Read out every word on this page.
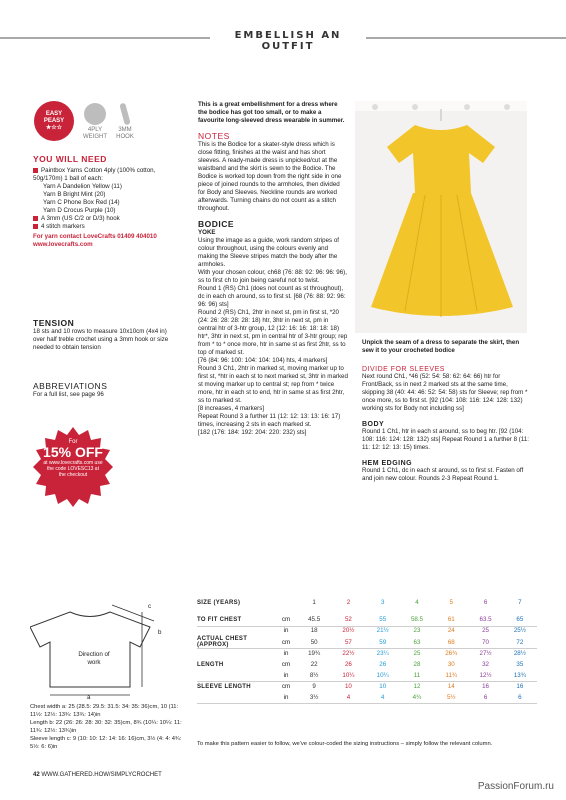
EMBELLISH AN OUTFIT
EASY
PEASY
★☆☆	4PLY WEIGHT
3MM HOOK
YOU WILL NEED
Paintbox Yarns Cotton 4ply (100% cotton, 50g/170m) 1 ball of each:
Yarn A Dandelion Yellow (11)
Yarn B Bright Mint (20)
Yarn C Phone Box Red (14)
Yarn D Crocus Purple (10)
A 3mm (US C/2 or D/3) hook
4 stitch markers
For yarn contact LoveCrafts 01409 404010 www.lovecrafts.com
TENSION
18 sts and 10 rows to measure 10x10cm (4x4 in) over half treble crochet using a 3mm hook or size needed to obtain tension
ABBREVIATIONS
For a full list, see page 96
For
15% OFF
at www.lovecrafts.com use the code LOVESC13 at the checkout
This is a great embellishment for a dress where the bodice has got too small, or to make a favourite long-sleeved dress wearable in summer.
NOTES
This is the Bodice for a skater-style dress which is close fitting, finishes at the waist and has short sleeves. A ready-made dress is unpicked/cut at the waistband and the skirt is sewn to the Bodice. The Bodice is worked top down from the right side in one piece of joined rounds to the armholes, then divided for Body and Sleeves. Neckline rounds are worked afterwards. Turning chains do not count as a stitch throughout.
BODICE
YOKE
Using the image as a guide, work random stripes of colour throughout, using the colours evenly and making the Sleeve stripes match the body after the armholes.
With your chosen colour, ch68 (76: 88: 92: 96: 96: 96), ss to first ch to join being careful not to twist.
Round 1 (RS) Ch1 (does not count as st throughout), dc in each ch around, ss to first st. [68 (76: 88: 92: 96: 96: 96) sts]
Round 2 (RS) Ch1, 2htr in next st, pm in first st, *20 (24: 26: 28: 28: 28: 18) htr, 3htr in next st, pm in central htr of 3-htr group, 12 (12: 16: 16: 18: 18: 18) htr*, 3htr in next st, pm in central htr of 3-htr group; rep from * to * once more, htr in same st as first 2htr, ss to top of marked st.
[76 (84: 96: 100: 104: 104: 104) hts, 4 markers]
Round 3 Ch1, 2htr in marked st, moving marker up to first st, *htr in each st to next marked st, 3htr in marked st moving marker up to central st; rep from * twice more, htr in each st to end, htr in same st as first 2htr, ss to marked st.
[8 increases, 4 markers]
Repeat Round 3 a further 11 (12: 12: 13: 13: 16: 17) times, increasing 2 sts in each marked st.
[182 (176: 184: 192: 204: 220: 232) sts]
Unpick the seam of a dress to separate the skirt, then sew it to your crocheted bodice
DIVIDE FOR SLEEVES
Next round Ch1, *46 (52: 54: 58: 62: 64: 66) htr for Front/Back, ss in next 2 marked sts at the same time, skipping 38 (40: 44: 46: 52: 54: 58) sts for Sleeve; rep from * once more, ss to first st. [92 (104: 108: 116: 124: 128: 132) working sts for Body not including ss]
BODY
Round 1 Ch1, htr in each st around, ss to beg htr. [92 (104: 108: 116: 124: 128: 132) sts] Repeat Round 1 a further 8 (11: 11: 12: 12: 13: 15) times.
HEM EDGING
Round 1 Ch1, dc in each st around, ss to first st. Fasten off and join new colour. Rounds 2-3 Repeat Round 1.
a
b
c
Direction of work
Chest width a: 25 (28.5: 29.5: 31.5: 34: 35: 36)cm, 10 (11: 11½: 12½: 13¾: 13¾: 14)in
Length b: 22 (26: 26: 28: 30: 32: 35)cm, 8¾ (10¼: 10¼: 11: 11¾: 12½: 13¾)in
Sleeve length c: 9 (10: 10: 12: 14: 16: 16)cm, 3½ (4: 4: 4¾: 5½: 6: 6)in
SIZE (YEARS)		1	2	3	4	5	6	7

TO FIT CHEST	cm	45.5	52	55	58.5	61	63.5	65
	in	18	20½	21½	23	24	25	25½
ACTUAL CHEST (APPROX)	cm	50	57	59	63	68	70	72
	in	19¾	22½	23¼	25	26¾	27½	28½
LENGTH	cm	22	26	26	28	30	32	35
	in	8½	10¼	10¼	11	11¾	12½	13¾
SLEEVE LENGTH	cm	9	10	10	12	14	16	16
	in	3½	4	4	4¾	5½	6	6
To make this pattern easier to follow, we've colour-coded the sizing instructions – simply follow the relevant column.
42 WWW.GATHERED.HOW/SIMPLYCROCHET
PassionForum.ru
